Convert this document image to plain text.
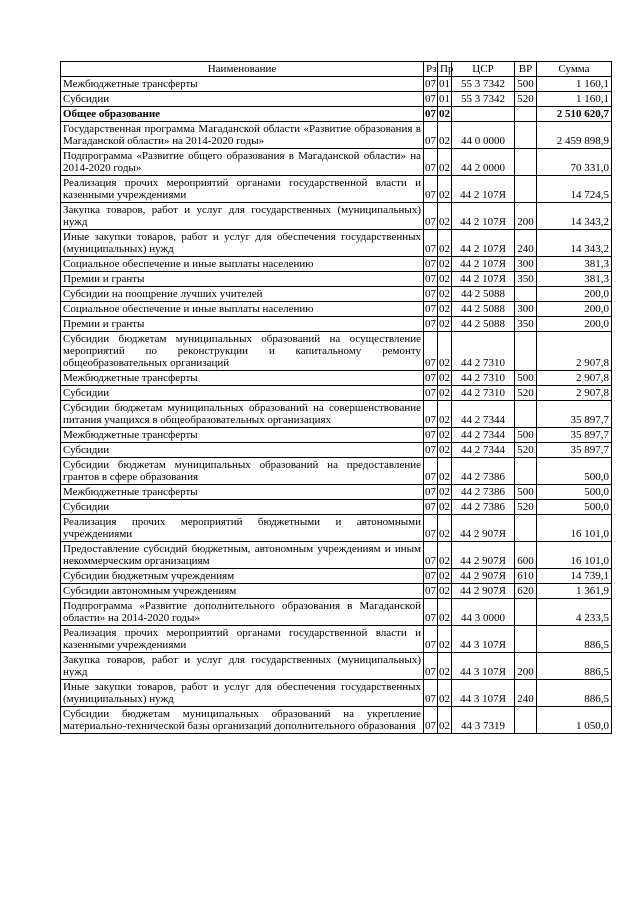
Наименование	Рз	Пр	ЦСР	ВР	Сумма
Межбюджетные трансферты	07	01	55 3 7342	500	1 160,1
Субсидии	07	01	55 3 7342	520	1 160,1
Общее образование	07	02			2 510 620,7
Государственная программа Магаданской области «Развитие образования в Магаданской области» на 2014-2020 годы»	07	02	44 0 0000		2 459 898,9
Подпрограмма «Развитие общего образования в Магаданской области» на 2014-2020 годы»	07	02	44 2 0000		70 331,0
Реализация прочих мероприятий органами государственной власти и казенными учреждениями	07	02	44 2 107Я		14 724,5
Закупка товаров, работ и услуг для государственных (муниципальных) нужд	07	02	44 2 107Я	200	14 343,2
Иные закупки товаров, работ и услуг для обеспечения государственных (муниципальных) нужд	07	02	44 2 107Я	240	14 343,2
Социальное обеспечение и иные выплаты населению	07	02	44 2 107Я	300	381,3
Премии и гранты	07	02	44 2 107Я	350	381,3
Субсидии на поощрение лучших учителей	07	02	44 2 5088		200,0
Социальное обеспечение и иные выплаты населению	07	02	44 2 5088	300	200,0
Премии и гранты	07	02	44 2 5088	350	200,0
Субсидии бюджетам муниципальных образований на осуществление мероприятий по реконструкции и капитальному ремонту общеобразовательных организаций	07	02	44 2 7310		2 907,8
Межбюджетные трансферты	07	02	44 2 7310	500	2 907,8
Субсидии	07	02	44 2 7310	520	2 907,8
Субсидии бюджетам муниципальных образований на совершенствование питания учащихся в общеобразовательных организациях	07	02	44 2 7344		35 897,7
Межбюджетные трансферты	07	02	44 2 7344	500	35 897,7
Субсидии	07	02	44 2 7344	520	35 897,7
Субсидии бюджетам муниципальных образований на предоставление грантов в сфере образования	07	02	44 2 7386		500,0
Межбюджетные трансферты	07	02	44 2 7386	500	500,0
Субсидии	07	02	44 2 7386	520	500,0
Реализация прочих мероприятий бюджетными и автономными учреждениями	07	02	44 2 907Я		16 101,0
Предоставление субсидий бюджетным, автономным учреждениям и иным некоммерческим организациям	07	02	44 2 907Я	600	16 101,0
Субсидии бюджетным учреждениям	07	02	44 2 907Я	610	14 739,1
Субсидии автономным учреждениям	07	02	44 2 907Я	620	1 361,9
Подпрограмма «Развитие дополнительного образования в Магаданской области» на 2014-2020 годы»	07	02	44 3 0000		4 233,5
Реализация прочих мероприятий органами государственной власти и казенными учреждениями	07	02	44 3 107Я		886,5
Закупка товаров, работ и услуг для государственных (муниципальных) нужд	07	02	44 3 107Я	200	886,5
Иные закупки товаров, работ и услуг для обеспечения государственных (муниципальных) нужд	07	02	44 3 107Я	240	886,5
Субсидии бюджетам муниципальных образований на укрепление материально-технической базы организаций дополнительного образования	07	02	44 3 7319		1 050,0
